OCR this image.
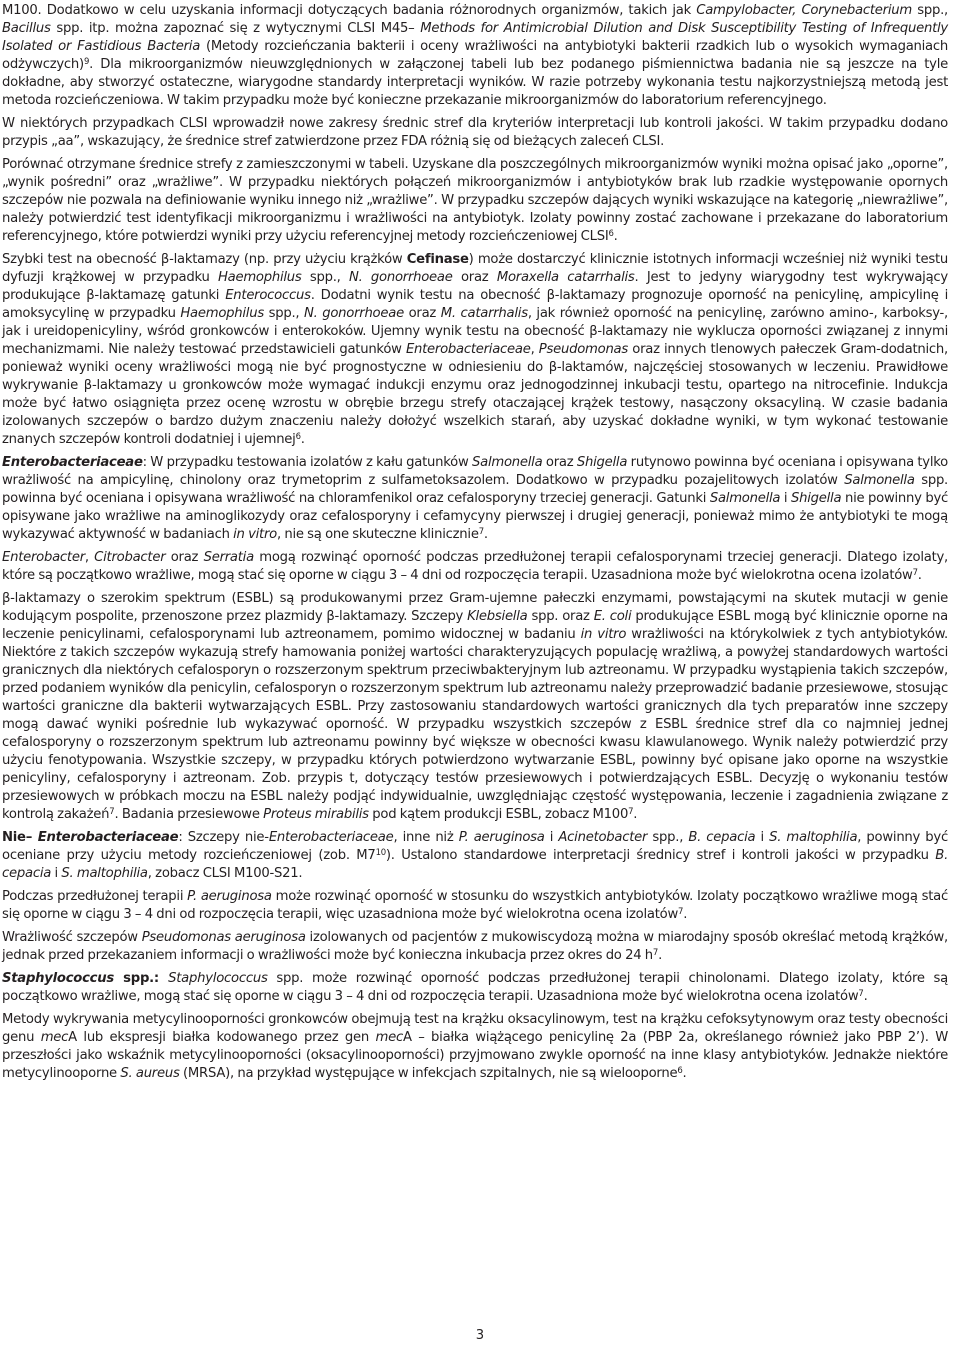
M100. Dodatkowo w celu uzyskania informacji dotyczących badania różnorodnych organizmów, takich jak Campylobacter, Corynebacterium spp., Bacillus spp. itp. można zapoznać się z wytycznymi CLSI M45– Methods for Antimicrobial Dilution and Disk Susceptibility Testing of Infrequently Isolated or Fastidious Bacteria (Metody rozcieńczania bakterii i oceny wrażliwości na antybiotyki bakterii rzadkich lub o wysokich wymaganiach odżywczych)$^9$. Dla mikroorganizmów nieuwzględnionych w załączonej tabeli lub bez podanego piśmiennictwa badania nie są jeszcze na tyle dokładne, aby stworzyć ostateczne, wiarygodne standardy interpretacji wyników. W razie potrzeby wykonania testu najkorzystniejszą metodą jest metoda rozcieńczeniowa. W takim przypadku może być konieczne przekazanie mikroorganizmów do laboratorium referencyjnego.

W niektórych przypadkach CLSI wprowadził nowe zakresy średnic stref dla kryteriów interpretacji lub kontroli jakości. W takim przypadku dodano przypis „aa”, wskazujący, że średnice stref zatwierdzone przez FDA różnią się od bieżących zaleceń CLSI.

Porównać otrzymane średnice strefy z zamieszczonymi w tabeli. Uzyskane dla poszczególnych mikroorganizmów wyniki można opisać jako „oporne”, „wynik pośredni” oraz „wrażliwe”. W przypadku niektórych połączeń mikroorganizmów i antybiotyków brak lub rzadkie występowanie opornych szczepów nie pozwala na definiowanie wyniku innego niż „wrażliwe”. W przypadku szczepów dających wyniki wskazujące na kategorię „niewrażliwe”, należy potwierdzić test identyfikacji mikroorganizmu i wrażliwości na antybiotyk. Izolaty powinny zostać zachowane i przekazane do laboratorium referencyjnego, które potwierdzi wyniki przy użyciu referencyjnej metody rozcieńczeniowej CLSI$^6$.

Szybki test na obecność β-laktamazy (np. przy użyciu krążków Cefinase) może dostarczyć klinicznie istotnych informacji wcześniej niż wyniki testu dyfuzji krążkowej w przypadku Haemophilus spp., N. gonorrhoeae oraz Moraxella catarrhalis. Jest to jedyny wiarygodny test wykrywający produkujące β-laktamazę gatunki Enterococcus. Dodatni wynik testu na obecność β-laktamazy prognozuje oporność na penicylinę, ampicylinę i amoksycylinę w przypadku Haemophilus spp., N. gonorrhoeae oraz M. catarrhalis, jak również oporność na penicylinę, zarówno amino-, karboksy-, jak i ureidopenicyliny, wśród gronkowców i enterokoków. Ujemny wynik testu na obecność β-laktamazy nie wyklucza oporności związanej z innymi mechanizmami. Nie należy testować przedstawicieli gatunków Enterobacteriaceae, Pseudomonas oraz innych tlenowych pałeczek Gram-dodatnich, ponieważ wyniki oceny wrażliwości mogą nie być prognostyczne w odniesieniu do β-laktamów, najczęściej stosowanych w leczeniu. Prawidłowe wykrywanie β-laktamazy u gronkowców może wymagać indukcji enzymu oraz jednogodzinnej inkubacji testu, opartego na nitrocefinie. Indukcja może być łatwo osiągnięta przez ocenę wzrostu w obrębie brzegu strefy otaczającej krążek testowy, nasączony oksacyliną. W czasie badania izolowanych szczepów o bardzo dużym znaczeniu należy dołożyć wszelkich starań, aby uzyskać dokładne wyniki, w tym wykonać testowanie znanych szczepów kontroli dodatniej i ujemnej$^6$.

Enterobacteriaceae: W przypadku testowania izolatów z kału gatunków Salmonella oraz Shigella rutynowo powinna być oceniana i opisywana tylko wrażliwość na ampicylinę, chinolony oraz trymetoprim z sulfametoksazolem. Dodatkowo w przypadku pozajelitowych izolatów Salmonella spp. powinna być oceniana i opisywana wrażliwość na chloramfenikol oraz cefalosporyny trzeciej generacji. Gatunki Salmonella i Shigella nie powinny być opisywane jako wrażliwe na aminoglikozydy oraz cefalosporyny i cefamycyny pierwszej i drugiej generacji, ponieważ mimo że antybiotyki te mogą wykazywać aktywność w badaniach in vitro, nie są one skuteczne klinicznie$^7$.

Enterobacter, Citrobacter oraz Serratia mogą rozwinąć oporność podczas przedłużonej terapii cefalosporynami trzeciej generacji. Dlatego izolaty, które są początkowo wrażliwe, mogą stać się oporne w ciągu 3 – 4 dni od rozpoczęcia terapii. Uzasadniona może być wielokrotna ocena izolatów$^7$.

β-laktamazy o szerokim spektrum (ESBL) są produkowanymi przez Gram-ujemne pałeczki enzymami, powstającymi na skutek mutacji w genie kodującym pospolite, przenoszone przez plazmidy β-laktamazy. Szczepy Klebsiella spp. oraz E. coli produkujące ESBL mogą być klinicznie oporne na leczenie penicylinami, cefalosporynami lub aztreonamem, pomimo widocznej w badaniu in vitro wrażliwości na którykolwiek z tych antybiotyków. Niektóre z takich szczepów wykazują strefy hamowania poniżej wartości charakteryzujących populację wrażliwą, a powyżej standardowych wartości granicznych dla niektórych cefalosporyn o rozszerzonym spektrum przeciwbakteryjnym lub aztreonamu. W przypadku wystąpienia takich szczepów, przed podaniem wyników dla penicylin, cefalosporyn o rozszerzonym spektrum lub aztreonamu należy przeprowadzić badanie przesiewowe, stosując wartości graniczne dla bakterii wytwarzających ESBL. Przy zastosowaniu standardowych wartości granicznych dla tych preparatów inne szczepy mogą dawać wyniki pośrednie lub wykazywać oporność. W przypadku wszystkich szczepów z ESBL średnice stref dla co najmniej jednej cefalosporyny o rozszerzonym spektrum lub aztreonamu powinny być większe w obecności kwasu klawulanowego. Wynik należy potwierdzić przy użyciu fenotypowania. Wszystkie szczepy, w przypadku których potwierdzono wytwarzanie ESBL, powinny być opisane jako oporne na wszystkie penicyliny, cefalosporyny i aztreonam. Zob. przypis t, dotyczący testów przesiewowych i potwierdzających ESBL. Decyzję o wykonaniu testów przesiewowych w próbkach moczu na ESBL należy podjąć indywidualnie, uwzględniając częstość występowania, leczenie i zagadnienia związane z kontrolą zakażeń$^7$. Badania przesiewowe Proteus mirabilis pod kątem produkcji ESBL, zobacz $M100^7$.

Nie– Enterobacteriaceae: Szczepy nie-Enterobacteriaceae, inne niż P. aeruginosa i Acinetobacter spp., B. cepacia i S. maltophilia, powinny być oceniane przy użyciu metody rozcieńczeniowej (zob. $M7^{10}$). Ustalono standardowe interpretacji średnicy stref i kontroli jakości w przypadku B. cepacia i S. maltophilia, zobacz CLSI M100-S21.

Podczas przedłużonej terapii P. aeruginosa może rozwinąć oporność w stosunku do wszystkich antybiotyków. Izolaty początkowo wrażliwe mogą stać się oporne w ciągu 3 – 4 dni od rozpoczęcia terapii, więc uzasadniona może być wielokrotna ocena izolatów$^7$.

Wrażliwość szczepów Pseudomonas aeruginosa izolowanych od pacjentów z mukowiscydozą można w miarodajny sposób określać metodą krążków, jednak przed przekazaniem informacji o wrażliwości może być konieczna inkubacja przez okres do 24 $h^7$.

Staphylococcus spp.: Staphylococcus spp. może rozwinąć oporność podczas przedłużonej terapii chinolonami. Dlatego izolaty, które są początkowo wrażliwe, mogą stać się oporne w ciągu 3 – 4 dni od rozpoczęcia terapii. Uzasadniona może być wielokrotna ocena izolatów$^7$.

Metody wykrywania metycylinooporności gronkowców obejmują test na krążku oksacylinowym, test na krążku cefoksytynowym oraz testy obecności genu mecA lub ekspresji białka kodowanego przez gen mecA – białka wiążącego penicylinę 2a (PBP 2a, określanego również jako PBP 2’). W przeszłości jako wskaźnik metycylinooporności (oksacylinooporności) przyjmowano zwykle oporność na inne klasy antybiotyków. Jednakże niektóre metycylinooporne S. aureus (MRSA), na przykład występujące w infekcjach szpitalnych, nie są wielooporne$^6$.

3
